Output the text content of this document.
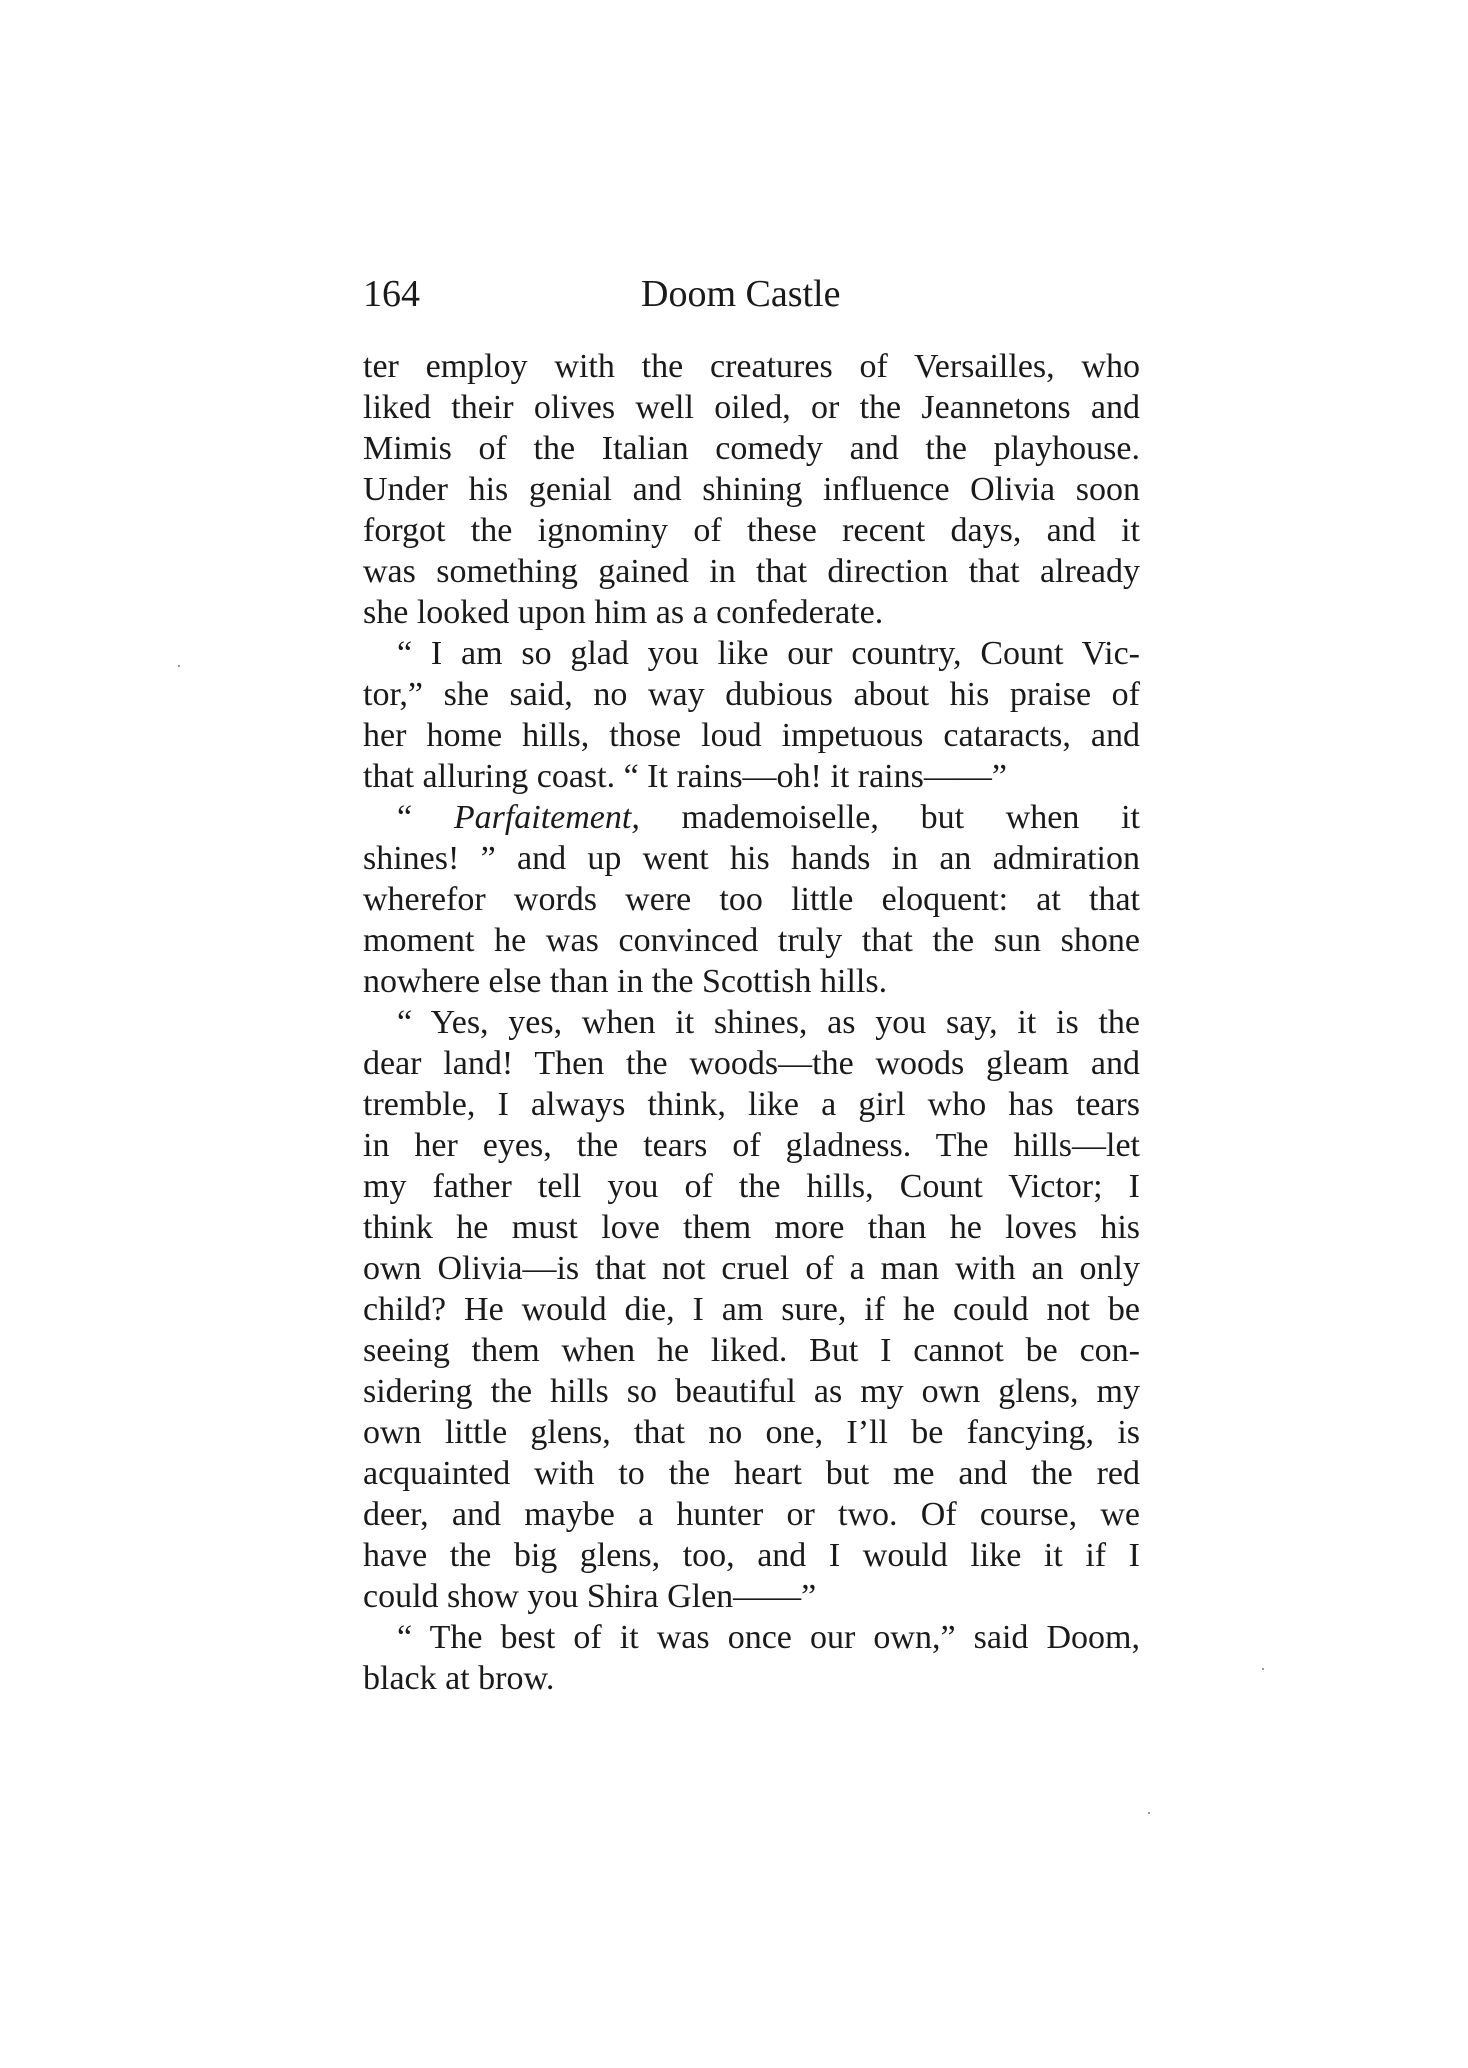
164	Doom Castle
ter employ with the creatures of Versailles, who
liked their olives well oiled, or the Jeannetons and
Mimis of the Italian comedy and the playhouse.
Under his genial and shining influence Olivia soon
forgot the ignominy of these recent days, and it
was something gained in that direction that already
she looked upon him as a confederate.
“ I am so glad you like our country, Count Vic-
tor,” she said, no way dubious about his praise of
her home hills, those loud impetuous cataracts, and
that alluring coast. “ It rains—oh! it rains——”
“ Parfaitement, mademoiselle, but when it
shines! ” and up went his hands in an admiration
wherefor words were too little eloquent: at that
moment he was convinced truly that the sun shone
nowhere else than in the Scottish hills.
“ Yes, yes, when it shines, as you say, it is the
dear land! Then the woods—the woods gleam and
tremble, I always think, like a girl who has tears
in her eyes, the tears of gladness. The hills—let
my father tell you of the hills, Count Victor; I
think he must love them more than he loves his
own Olivia—is that not cruel of a man with an only
child? He would die, I am sure, if he could not be
seeing them when he liked. But I cannot be con-
sidering the hills so beautiful as my own glens, my
own little glens, that no one, I’ll be fancying, is
acquainted with to the heart but me and the red
deer, and maybe a hunter or two. Of course, we
have the big glens, too, and I would like it if I
could show you Shira Glen——”
“ The best of it was once our own,” said Doom,
black at brow.
